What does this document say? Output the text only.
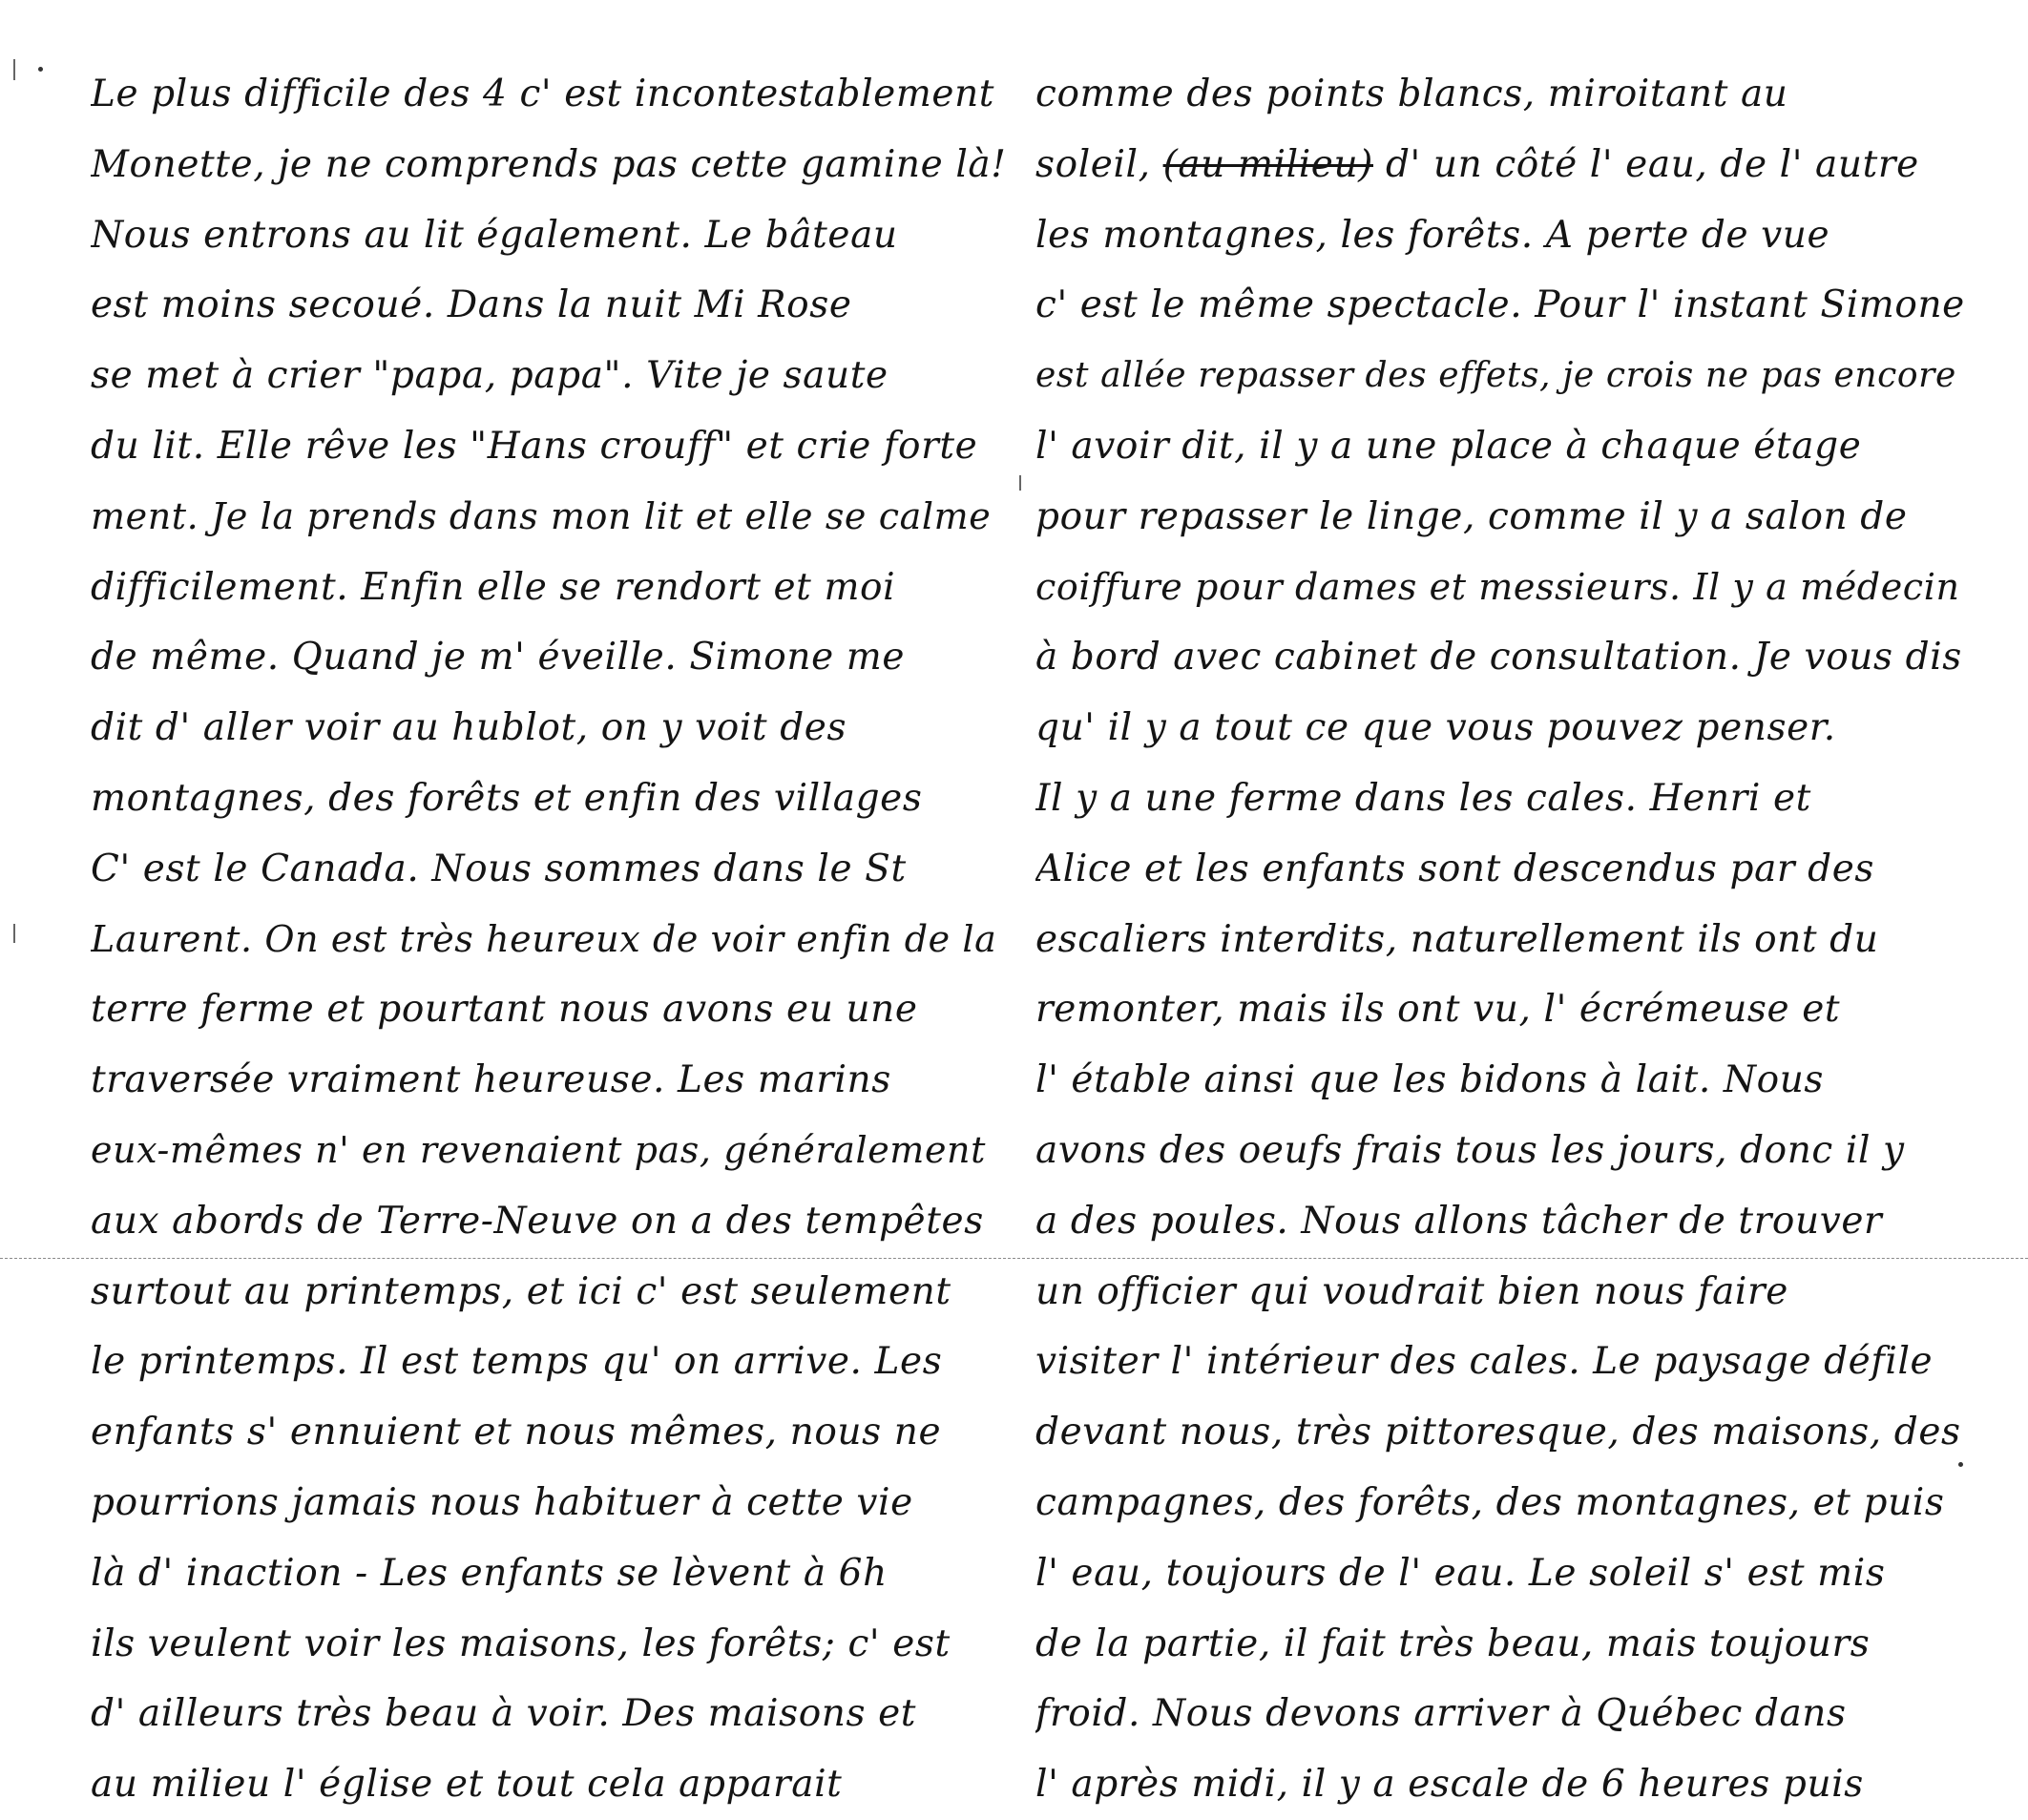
Le plus difficile des 4 c' est incontestablement
Monette, je ne comprends pas cette gamine là!
Nous entrons au lit également. Le bâteau
est moins secoué. Dans la nuit Mi Rose
se met à crier "papa, papa". Vite je saute
du lit. Elle rêve les "Hans crouff" et crie forte
ment. Je la prends dans mon lit et elle se calme
difficilement. Enfin elle se rendort et moi
de même. Quand je m' éveille. Simone me
dit d' aller voir au hublot, on y voit des
montagnes, des forêts et enfin des villages
C' est le Canada. Nous sommes dans le St
Laurent. On est très heureux de voir enfin de la
terre ferme et pourtant nous avons eu une
traversée vraiment heureuse. Les marins
eux-mêmes n' en revenaient pas, généralement
aux abords de Terre-Neuve on a des tempêtes
surtout au printemps, et ici c' est seulement
le printemps. Il est temps qu' on arrive. Les
enfants s' ennuient et nous mêmes, nous ne
pourrions jamais nous habituer à cette vie
là d' inaction - Les enfants se lèvent à 6h
ils veulent voir les maisons, les forêts; c' est
d' ailleurs très beau à voir. Des maisons et
au milieu l' église et tout cela apparait
comme des points blancs, miroitant au
soleil, (au milieu) d' un côté l' eau, de l' autre
les montagnes, les forêts. A perte de vue
c' est le même spectacle. Pour l' instant Simone
est allée repasser des effets, je crois ne pas encore
l' avoir dit, il y a une place à chaque étage
pour repasser le linge, comme il y a salon de
coiffure pour dames et messieurs. Il y a médecin
à bord avec cabinet de consultation. Je vous dis
qu' il y a tout ce que vous pouvez penser.
Il y a une ferme dans les cales. Henri et
Alice et les enfants sont descendus par des
escaliers interdits, naturellement ils ont du
remonter, mais ils ont vu, l' écrémeuse et
l' étable ainsi que les bidons à lait. Nous
avons des oeufs frais tous les jours, donc il y
a des poules. Nous allons tâcher de trouver
un officier qui voudrait bien nous faire
visiter l' intérieur des cales. Le paysage défile
devant nous, très pittoresque, des maisons, des
campagnes, des forêts, des montagnes, et puis
l' eau, toujours de l' eau. Le soleil s' est mis
de la partie, il fait très beau, mais toujours
froid. Nous devons arriver à Québec dans
l' après midi, il y a escale de 6 heures puis
